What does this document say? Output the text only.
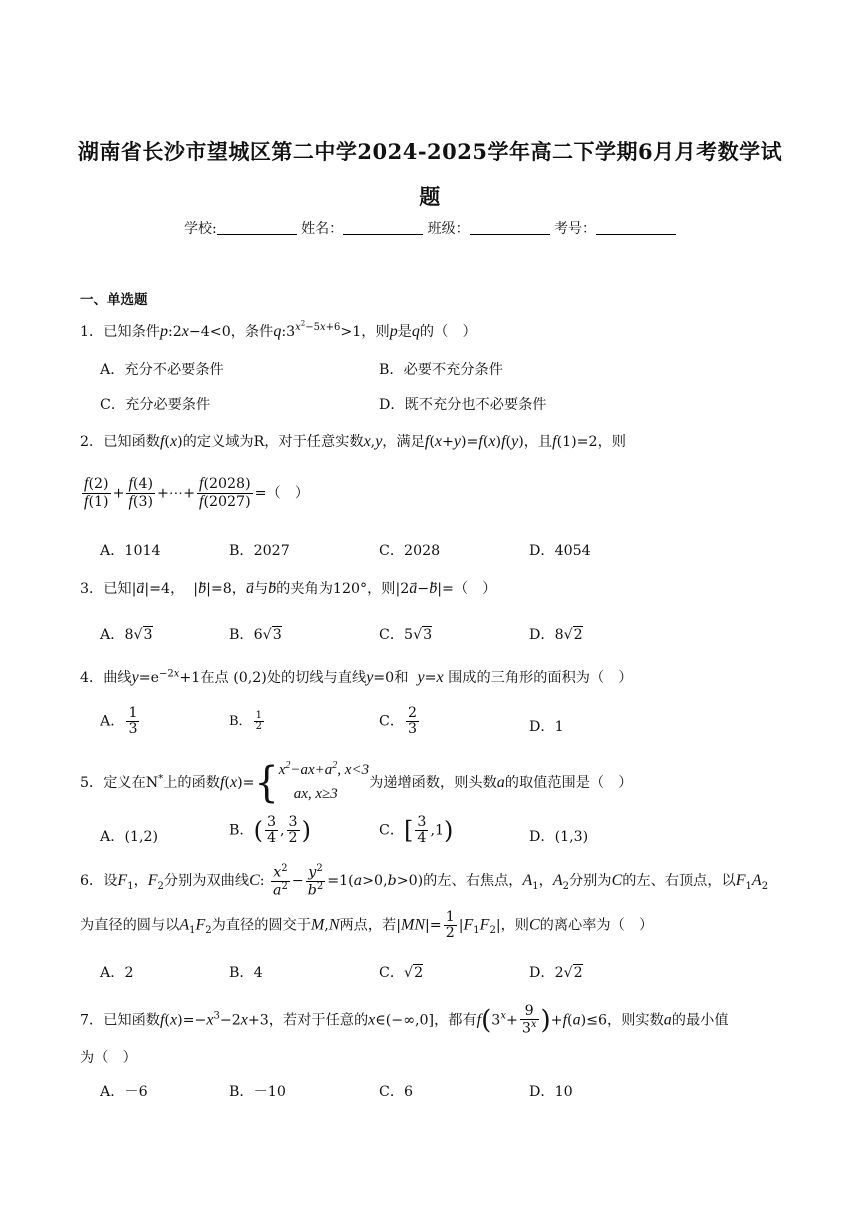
湖南省长沙市望城区第二中学2024-2025学年高二下学期6月月考数学试
题
学校:	姓名：	班级：	考号：
一、单选题
1．已知条件p:2x−4<0，条件$q:3^{x^2-5x+6}>1$，则p是q的（　）
A．充分不必要条件	B．必要不充分条件
C．充分必要条件	D．既不充分也不必要条件
2．已知函数f(x)的定义域为R，对于任意实数x,y，满足f(x+y)=f(x)f(y)，且f(1)=2，则
$\frac{f(2)}{f(1)} + \frac{f(4)}{f(3)}$ +⋯+ $\frac{f(2028)}{f(2027)}$ =（　）
A．1014	B．2027	C．2028	D．4054
3．已知|a⃗|=4，  |b⃗|=8，a与b的夹角为120°，则|2a⃗−b⃗|=（　）
A．8√3	B．6√3	C．5√3	D．8√2
4．曲线$y=e^{-2x}+1$在点 (0,2)处的切线与直线y=0和 y=x 围成的三角形的面积为（　）
A． $\frac{1}{3}$	B． $\frac{1}{2}$	C． $\frac{2}{3}$	D．1
5．定义在N*上的函数f(x)={ $x^2-ax+a^2$, x<3
ax, x≥3
为递增函数，则头数a的取值范围是（　）
A．(1,2)	B．( $\frac{3}{4}$ , $\frac{3}{2}$ )	C．[ $\frac{3}{4} ,1$)	D．(1,3)
6．设$F_1$，$F_2$分别为双曲线C: $\frac{x^2}{a^2} - \frac{y^2}{b^2} =1(a>0,b>0)$的左、右焦点，$A_1$，$A_2$分别为C的左、右顶点，以$F_1A_2$
为直径的圆与以$A_1F_2$为直径的圆交于M,N两点，若$|MN|= \frac{1}{2} |F_1F_2|$，则C的离心率为（　）
A．2	B．4	C．√2	D．2√2
7．已知函数$f(x)=-x^3-2x+3$，若对于任意的x∈(−∞,0]，都有$f(3^x+ \frac{9}{3^x} )+f(a)\le 6$，则实数a的最小值
为（　）
A．－6	B．－10	C．6	D．10
